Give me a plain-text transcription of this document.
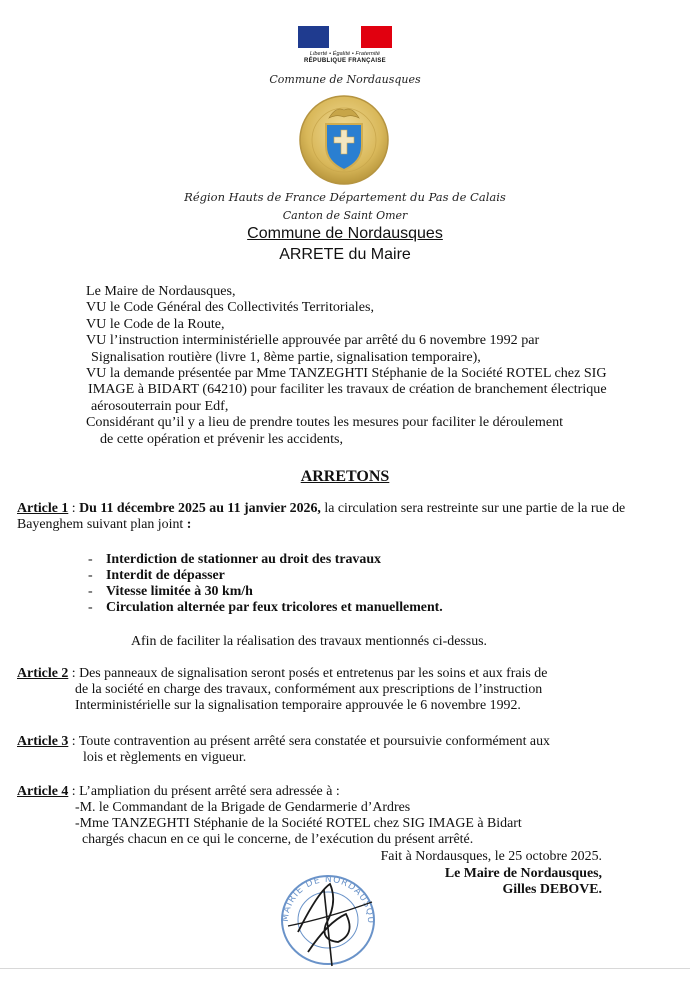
Liberté • Égalité • Fraternité
RÉPUBLIQUE FRANÇAISE
Commune de Nordausques
Région Hauts de France Département du Pas de Calais
Canton de Saint Omer
Commune de Nordausques
ARRETE du Maire
Le Maire de Nordausques,
VU le Code Général des Collectivités Territoriales,
VU le Code de la Route,
VU l’instruction interministérielle approuvée par arrêté du 6 novembre 1992 par
Signalisation routière (livre 1, 8ème partie, signalisation temporaire),
VU la demande présentée par Mme TANZEGHTI Stéphanie de la Société ROTEL chez SIG
IMAGE à BIDART (64210) pour faciliter les travaux de création de branchement électrique
aérosouterrain pour Edf,
Considérant qu’il y a lieu de prendre toutes les mesures pour faciliter le déroulement
de cette opération et prévenir les accidents,
ARRETONS
Article 1 : Du 11 décembre 2025 au 11 janvier 2026, la circulation sera restreinte sur une partie de la rue de
Bayenghem suivant plan joint :
- Interdiction de stationner au droit des travaux
- Interdit de dépasser
- Vitesse limitée à 30 km/h
- Circulation alternée par feux tricolores et manuellement.
Afin de faciliter la réalisation des travaux mentionnés ci-dessus.
Article 2 : Des panneaux de signalisation seront posés et entretenus par les soins et aux frais de
de la société en charge des travaux, conformément aux prescriptions de l’instruction
Interministérielle sur la signalisation temporaire approuvée le 6 novembre 1992.
Article 3 : Toute contravention au présent arrêté sera constatée et poursuivie conformément aux
lois et règlements en vigueur.
Article 4 : L’ampliation du présent arrêté sera adressée à :
-M. le Commandant de la Brigade de Gendarmerie d’Ardres
-Mme TANZEGHTI Stéphanie de la Société ROTEL chez SIG IMAGE à Bidart
chargés chacun en ce qui le concerne, de l’exécution du présent arrêté.
MAIRIE DE NORDAUSQU
Fait à Nordausques, le 25 octobre 2025.
Le Maire de Nordausques,
Gilles DEBOVE.
